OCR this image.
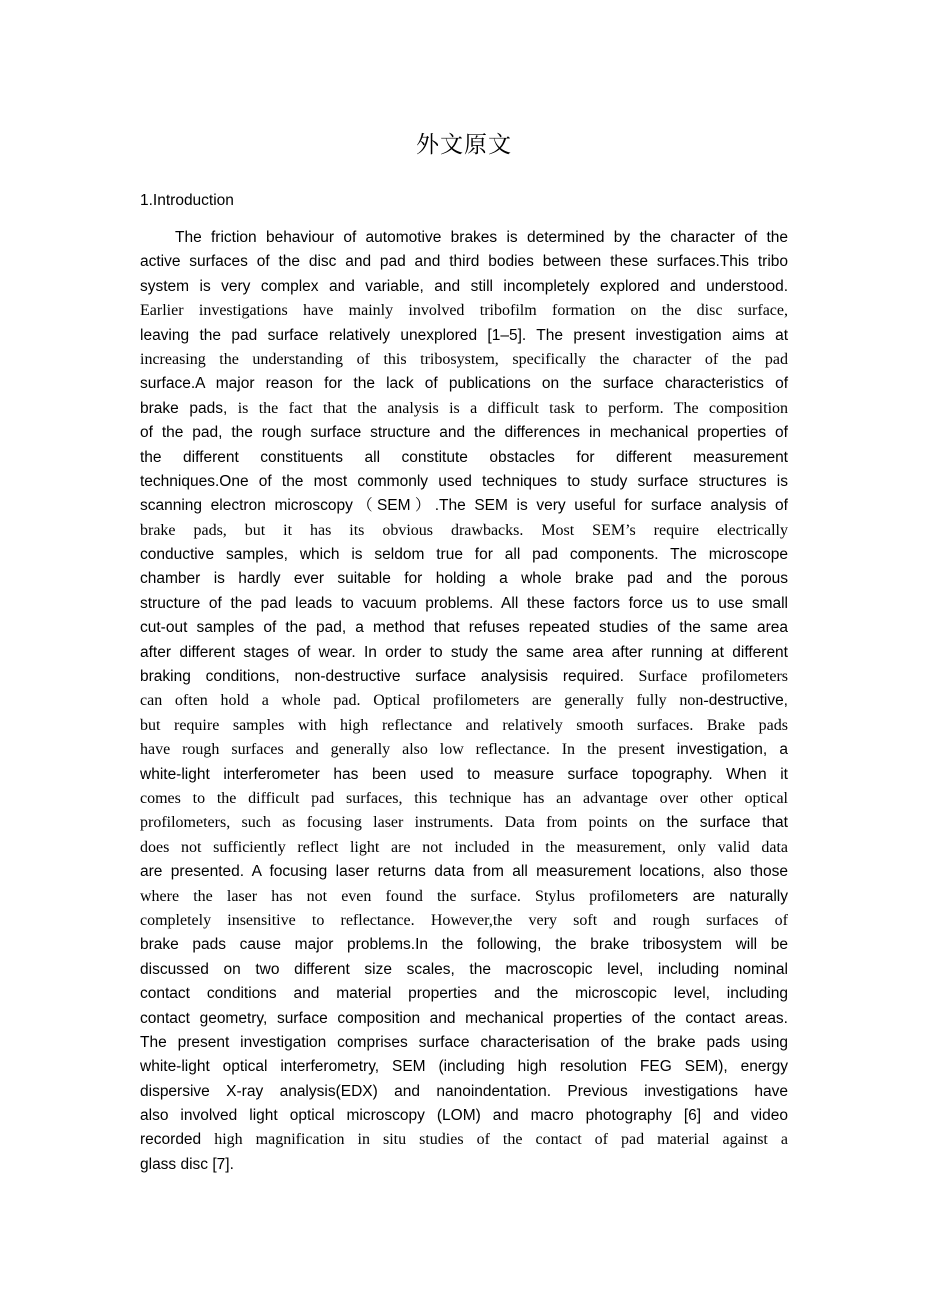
外文原文
1.Introduction
The friction behaviour of automotive brakes is determined by the character of the
active surfaces of the disc and pad and third bodies between these surfaces.This tribo
system is very complex and variable, and still incompletely explored and understood.
Earlier investigations have mainly involved tribofilm formation on the disc surface,
leaving the pad surface relatively unexplored [1–5]. The present investigation aims at
increasing the understanding of this tribosystem, specifically the character of the pad
surface.A major reason for the lack of publications on the surface characteristics of
brake pads, is the fact that the analysis is a difficult task to perform. The composition
of the pad, the rough surface structure and the differences in mechanical properties of
the different constituents all constitute obstacles for different measurement
techniques.One of the most commonly used techniques to study surface structures is
scanning electron microscopy（SEM）.The SEM is very useful for surface analysis of
brake pads, but it has its obvious drawbacks. Most SEM’s require electrically
conductive samples, which is seldom true for all pad components. The microscope
chamber is hardly ever suitable for holding a whole brake pad and the porous
structure of the pad leads to vacuum problems. All these factors force us to use small
cut-out samples of the pad, a method that refuses repeated studies of the same area
after different stages of wear. In order to study the same area after running at different
braking conditions, non-destructive surface analysisis required. Surface profilometers
can often hold a whole pad. Optical profilometers are generally fully non-destructive,
but require samples with high reflectance and relatively smooth surfaces. Brake pads
have rough surfaces and generally also low reflectance. In the present investigation, a
white-light interferometer has been used to measure surface topography. When it
comes to the difficult pad surfaces, this technique has an advantage over other optical
profilometers, such as focusing laser instruments. Data from points on the surface that
does not sufficiently reflect light are not included in the measurement, only valid data
are presented. A focusing laser returns data from all measurement locations, also those
where the laser has not even found the surface. Stylus profilometers are naturally
completely insensitive to reflectance. However,the very soft and rough surfaces of
brake pads cause major problems.In the following, the brake tribosystem will be
discussed on two different size scales, the macroscopic level, including nominal
contact conditions and material properties and the microscopic level, including
contact geometry, surface composition and mechanical properties of the contact areas.
The present investigation comprises surface characterisation of the brake pads using
white-light optical interferometry, SEM (including high resolution FEG SEM), energy
dispersive X-ray analysis(EDX) and nanoindentation. Previous investigations have
also involved light optical microscopy (LOM) and macro photography [6] and video
recorded high magnification in situ studies of the contact of pad material against a
glass disc [7].
